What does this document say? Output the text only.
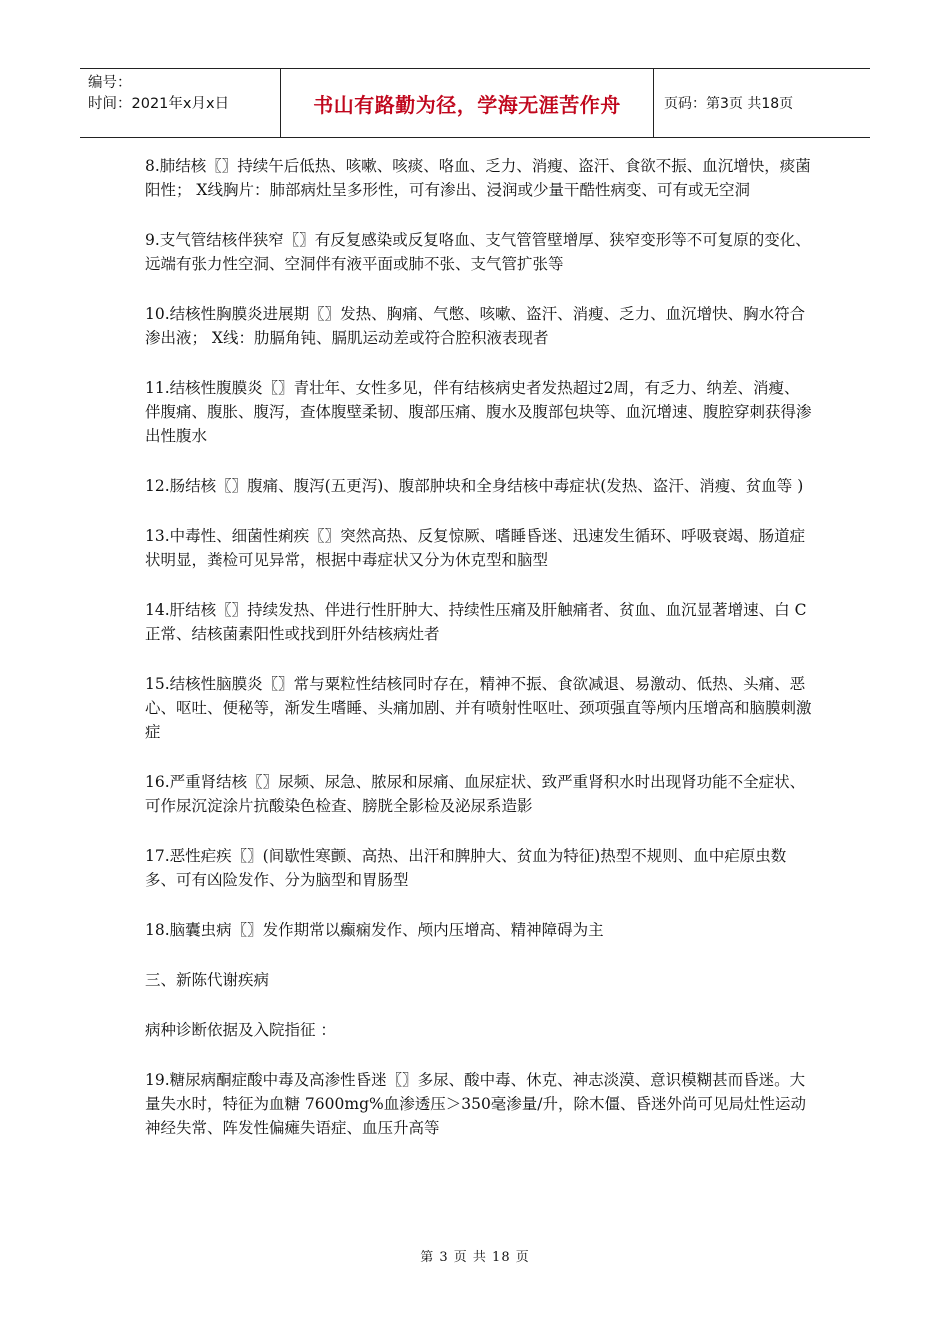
编号：
时间：2021年x月x日	书山有路勤为径，学海无涯苦作舟	页码：第3页 共18页

8.肺结核〖〗持续午后低热、咳嗽、咳痰、咯血、乏力、消瘦、盗汗、食欲不振、血沉增快，痰菌阳性； X线胸片：肺部病灶呈多形性，可有渗出、浸润或少量干酷性病变、可有或无空洞

9.支气管结核伴狭窄〖〗有反复感染或反复咯血、支气管管壁增厚、狭窄变形等不可复原的变化、远端有张力性空洞、空洞伴有液平面或肺不张、支气管扩张等

10.结核性胸膜炎进展期〖〗发热、胸痛、气憋、咳嗽、盗汗、消瘦、乏力、血沉增快、胸水符合渗出液； X线：肋膈角钝、膈肌运动差或符合腔积液表现者

11.结核性腹膜炎〖〗青壮年、女性多见，伴有结核病史者发热超过2周，有乏力、纳差、消瘦、伴腹痛、腹胀、腹泻，查体腹壁柔韧、腹部压痛、腹水及腹部包块等、血沉增速、腹腔穿刺获得渗出性腹水

12.肠结核〖〗腹痛、腹泻(五更泻)、腹部肿块和全身结核中毒症状(发热、盗汗、消瘦、贫血等 )

13.中毒性、细菌性痢疾〖〗突然高热、反复惊厥、嗜睡昏迷、迅速发生循环、呼吸衰竭、肠道症状明显，粪检可见异常，根据中毒症状又分为休克型和脑型

14.肝结核〖〗持续发热、伴进行性肝肿大、持续性压痛及肝触痛者、贫血、血沉显著增速、白 C正常、结核菌素阳性或找到肝外结核病灶者

15.结核性脑膜炎〖〗常与粟粒性结核同时存在，精神不振、食欲减退、易激动、低热、头痛、恶心、呕吐、便秘等，渐发生嗜睡、头痛加剧、并有喷射性呕吐、颈项强直等颅内压增高和脑膜刺激症

16.严重肾结核〖〗尿频、尿急、脓尿和尿痛、血尿症状、致严重肾积水时出现肾功能不全症状、可作尿沉淀涂片抗酸染色检查、膀胱全影检及泌尿系造影

17.恶性疟疾〖〗(间歇性寒颤、高热、出汗和脾肿大、贫血为特征)热型不规则、血中疟原虫数多、可有凶险发作、分为脑型和胃肠型

18.脑囊虫病〖〗发作期常以癫痫发作、颅内压增高、精神障碍为主

三、新陈代谢疾病

病种诊断依据及入院指征 ：

19.糖尿病酮症酸中毒及高渗性昏迷〖〗多尿、酸中毒、休克、神志淡漠、意识模糊甚而昏迷。大量失水时，特征为血糖 7600mg%血渗透压＞350毫渗量/升，除木僵、昏迷外尚可见局灶性运动神经失常、阵发性偏瘫失语症、血压升高等

第 3 页 共 18 页
